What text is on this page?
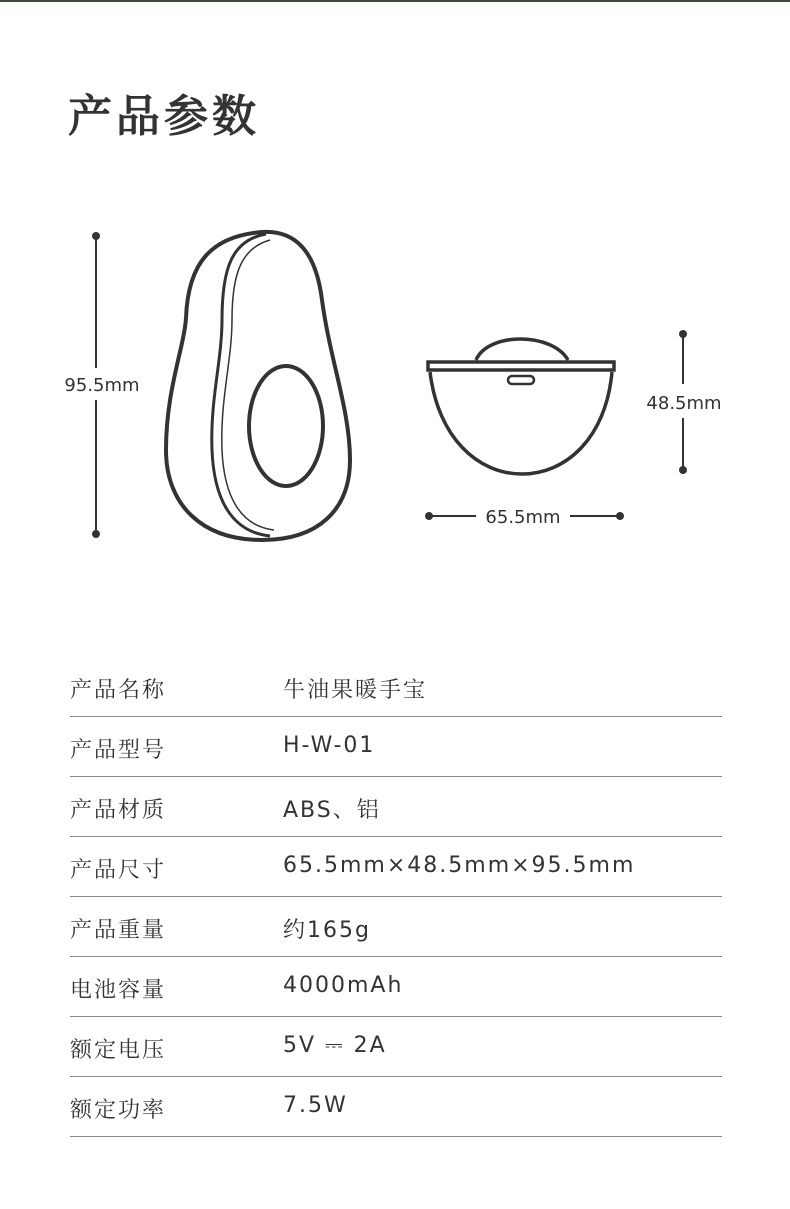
产品参数
95.5mm
48.5mm
65.5mm
产品名称	牛油果暖手宝
产品型号	H-W-01
产品材质	ABS、铝
产品尺寸	65.5mm×48.5mm×95.5mm
产品重量	约165g
电池容量	4000mAh
额定电压	5V ⎓ 2A
额定功率	7.5W
